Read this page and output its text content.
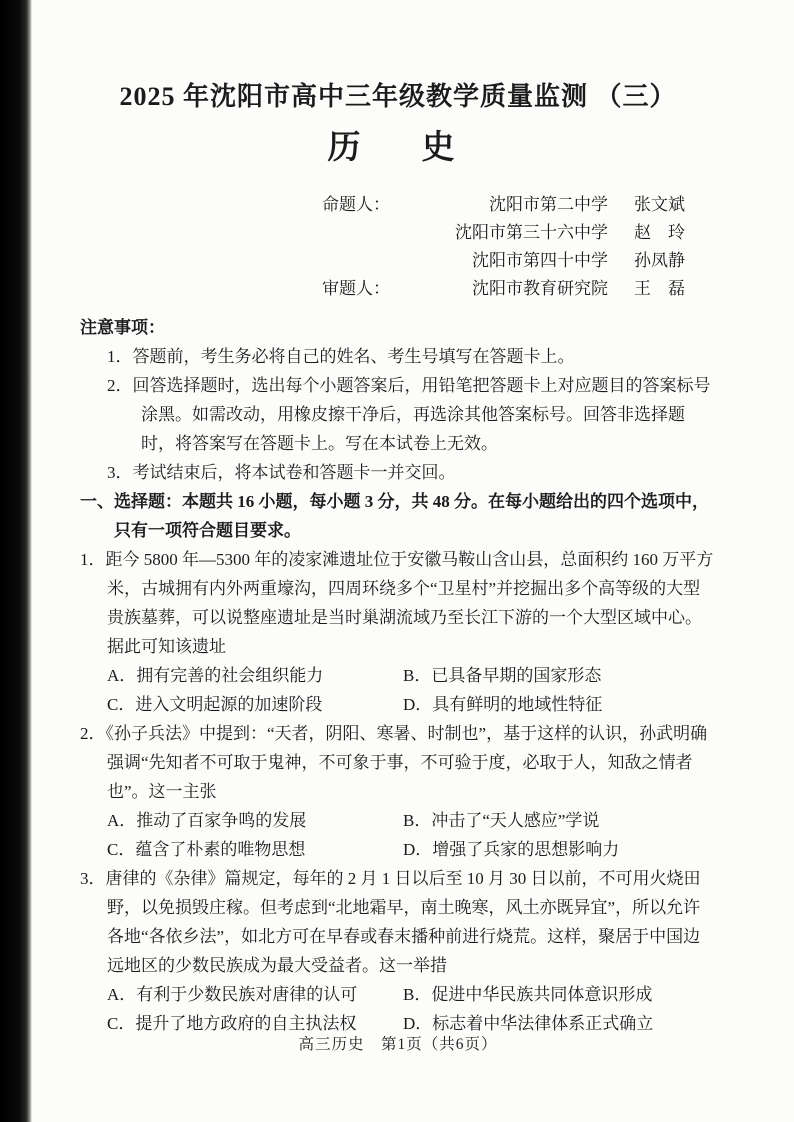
2025 年沈阳市高中三年级教学质量监测 （三）
历　史
命题人：	沈阳市第二中学 张文斌
沈阳市第三十六中学 赵　玲
沈阳市第四十中学 孙凤静
审题人：	沈阳市教育研究院 王　磊

注意事项：

1．答题前，考生务必将自己的姓名、考生号填写在答题卡上。

2．回答选择题时，选出每个小题答案后，用铅笔把答题卡上对应题目的答案标号涂黑。如需改动，用橡皮擦干净后，再选涂其他答案标号。回答非选择题时，将答案写在答题卡上。写在本试卷上无效。

3．考试结束后，将本试卷和答题卡一并交回。

一、选择题：本题共 16 小题，每小题 3 分，共 48 分。在每小题给出的四个选项中，只有一项符合题目要求。

1．距今 5800 年—5300 年的凌家滩遗址位于安徽马鞍山含山县，总面积约 160 万平方米，古城拥有内外两重壕沟，四周环绕多个“卫星村”并挖掘出多个高等级的大型贵族墓葬，可以说整座遗址是当时巢湖流域乃至长江下游的一个大型区域中心。据此可知该遗址

A．拥有完善的社会组织能力	B．已具备早期的国家形态
C．进入文明起源的加速阶段	D．具有鲜明的地域性特征

2．《孙子兵法》中提到：“天者，阴阳、寒暑、时制也”，基于这样的认识，孙武明确强调“先知者不可取于鬼神，不可象于事，不可验于度，必取于人，知敌之情者也”。这一主张

A．推动了百家争鸣的发展	B．冲击了“天人感应”学说
C．蕴含了朴素的唯物思想	D．增强了兵家的思想影响力

3．唐律的《杂律》篇规定，每年的 2 月 1 日以后至 10 月 30 日以前，不可用火烧田野，以免损毁庄稼。但考虑到“北地霜早，南土晚寒，风土亦既异宜”，所以允许各地“各依乡法”，如北方可在早春或春末播种前进行烧荒。这样，聚居于中国边远地区的少数民族成为最大受益者。这一举措

A．有利于少数民族对唐律的认可	B．促进中华民族共同体意识形成
C．提升了地方政府的自主执法权	D．标志着中华法律体系正式确立
高三历史　第1页（共6页）
